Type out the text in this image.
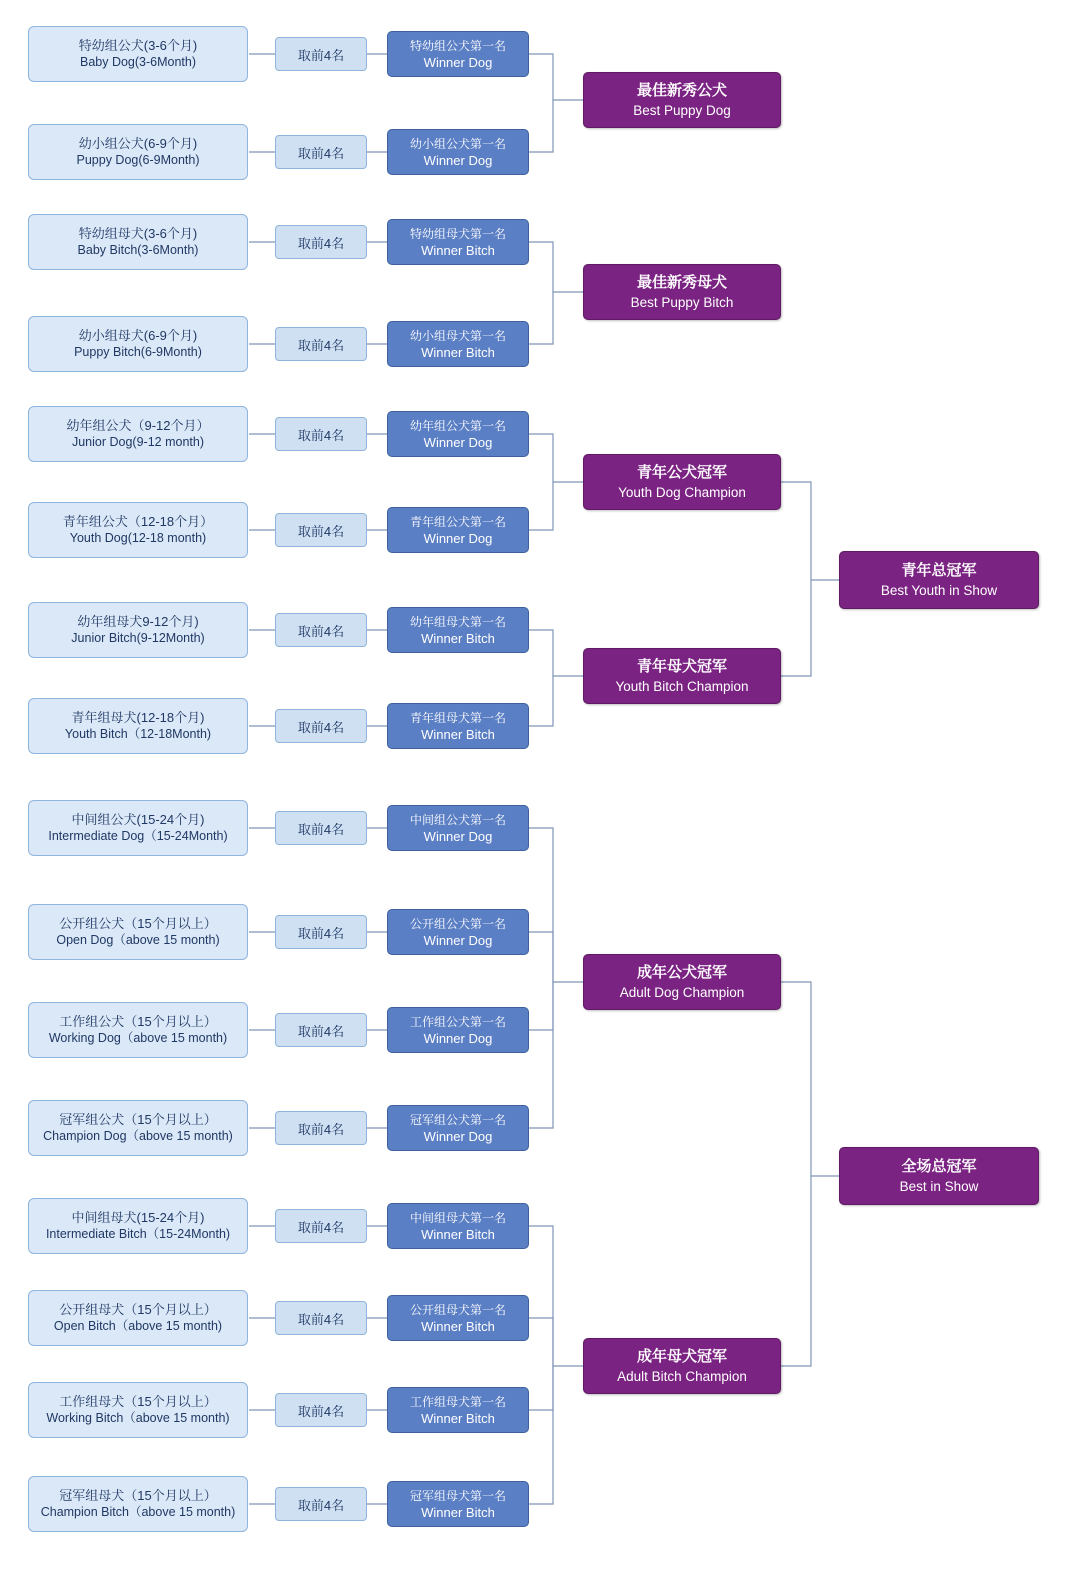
特幼组公犬(3-6个月)
Baby Dog(3-6Month)	取前4名
特幼组公犬第一名
Winner Dog
幼小组公犬(6-9个月)
Puppy Dog(6-9Month)	取前4名
幼小组公犬第一名
Winner Dog
特幼组母犬(3-6个月)
Baby Bitch(3-6Month)	取前4名
特幼组母犬第一名
Winner Bitch
幼小组母犬(6-9个月)
Puppy Bitch(6-9Month)	取前4名
幼小组母犬第一名
Winner Bitch
幼年组公犬（9-12个月）
Junior Dog(9-12 month)	取前4名
幼年组公犬第一名
Winner Dog
青年组公犬（12-18个月）
Youth Dog(12-18 month)	取前4名
青年组公犬第一名
Winner Dog
幼年组母犬9-12个月)
Junior Bitch(9-12Month)	取前4名
幼年组母犬第一名
Winner Bitch
青年组母犬(12-18个月)
Youth Bitch（12-18Month)	取前4名
青年组母犬第一名
Winner Bitch
中间组公犬(15-24个月)
Intermediate Dog（15-24Month)	取前4名
中间组公犬第一名
Winner Dog
公开组公犬（15个月以上）
Open Dog（above 15 month)	取前4名
公开组公犬第一名
Winner Dog
工作组公犬（15个月以上）
Working Dog（above 15 month)	取前4名
工作组公犬第一名
Winner Dog
冠军组公犬（15个月以上）
Champion Dog（above 15 month)	取前4名
冠军组公犬第一名
Winner Dog
中间组母犬(15-24个月)
Intermediate Bitch（15-24Month)	取前4名
中间组母犬第一名
Winner Bitch
公开组母犬（15个月以上）
Open Bitch（above 15 month)	取前4名
公开组母犬第一名
Winner Bitch
工作组母犬（15个月以上）
Working Bitch（above 15 month)	取前4名
工作组母犬第一名
Winner Bitch
冠军组母犬（15个月以上）
Champion Bitch（above 15 month)	取前4名
冠军组母犬第一名
Winner Bitch
最佳新秀公犬
Best Puppy Dog
最佳新秀母犬
Best Puppy Bitch
青年公犬冠军
Youth Dog Champion
青年母犬冠军
Youth Bitch Champion
成年公犬冠军
Adult Dog Champion
成年母犬冠军
Adult Bitch Champion
青年总冠军
Best Youth in Show
全场总冠军
Best in Show
